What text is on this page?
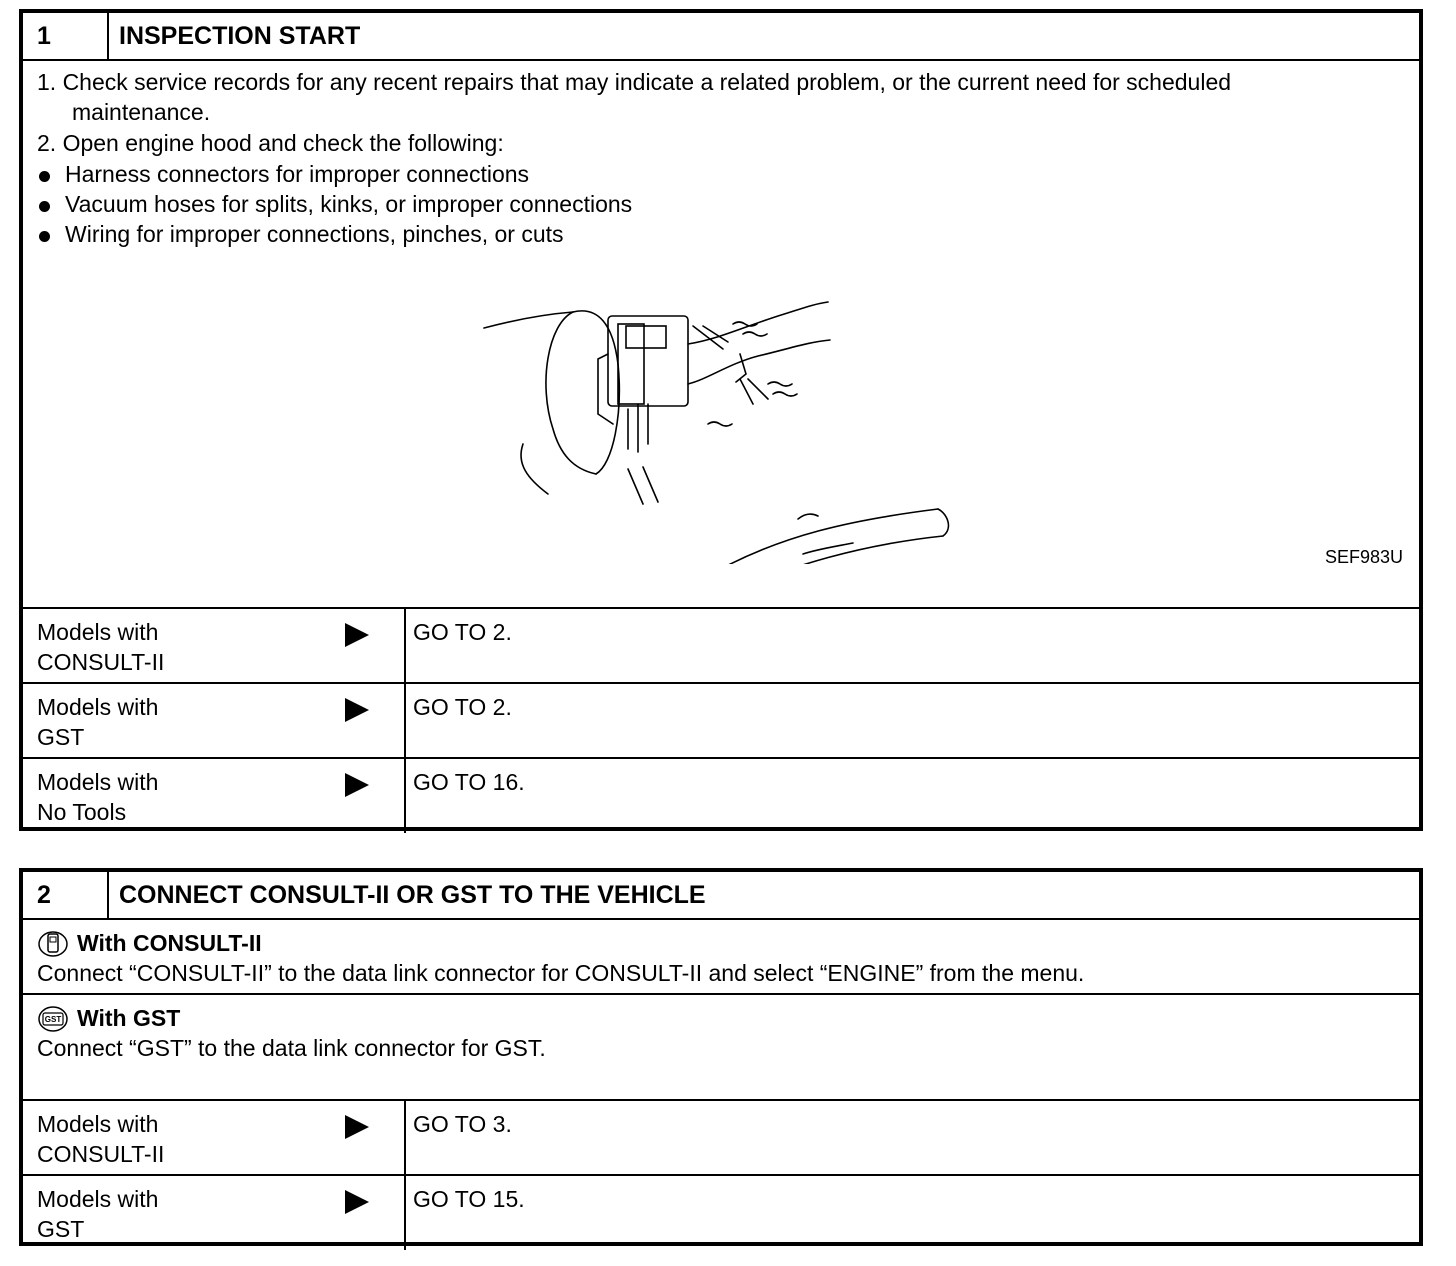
1	INSPECTION START
1. Check service records for any recent repairs that may indicate a related problem, or the current need for scheduled
maintenance.
2. Open engine hood and check the following:
Harness connectors for improper connections
Vacuum hoses for splits, kinks, or improper connections
Wiring for improper connections, pinches, or cuts
SEF983U
Models with
CONSULT-II
GO TO 2.
Models with
GST
GO TO 2.
Models with
No Tools
GO TO 16.
2	CONNECT CONSULT-II OR GST TO THE VEHICLE
With CONSULT-II
Connect “CONSULT-II” to the data link connector for CONSULT-II and select “ENGINE” from the menu.
GST With GST
Connect “GST” to the data link connector for GST.
Models with
CONSULT-II
GO TO 3.
Models with
GST
GO TO 15.
